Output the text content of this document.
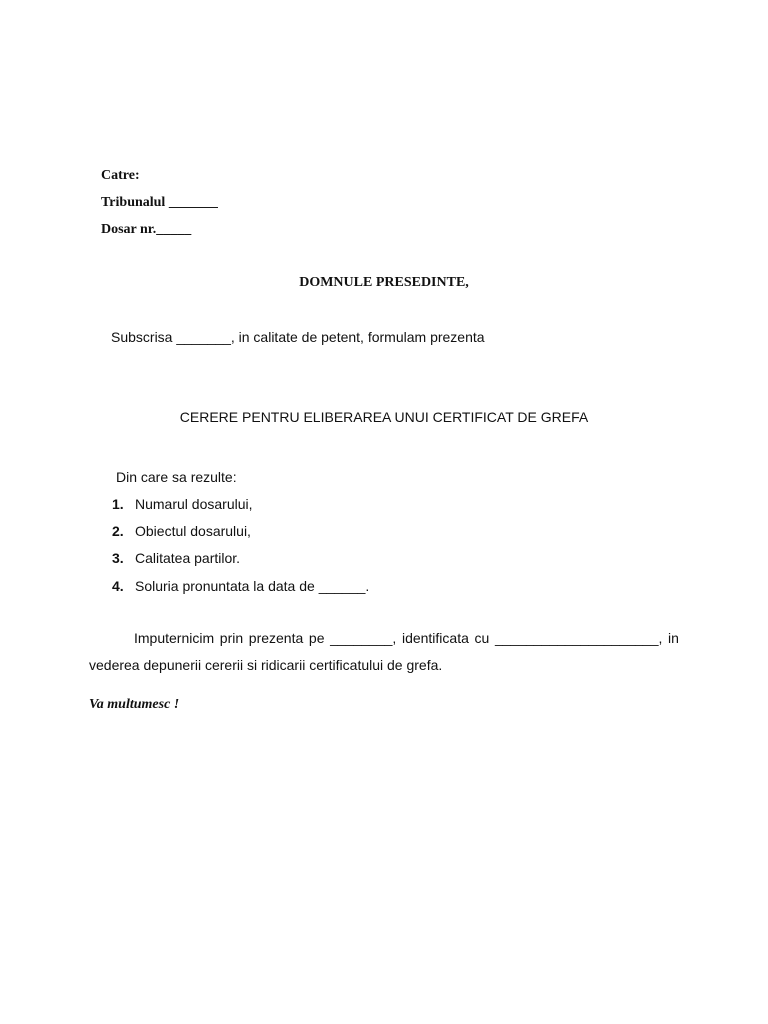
Catre:
Tribunalul _______
Dosar nr._____
DOMNULE PRESEDINTE,
Subscrisa _______, in calitate de petent, formulam prezenta
CERERE PENTRU ELIBERAREA UNUI CERTIFICAT DE GREFA
Din care sa rezulte:
1. Numarul dosarului,
2. Obiectul dosarului,
3. Calitatea partilor.
4. Soluria pronuntata la data de ______.
Imputernicim prin prezenta pe ________, identificata cu _____________________, in
vederea depunerii cererii si ridicarii certificatului de grefa.
Va multumesc !
